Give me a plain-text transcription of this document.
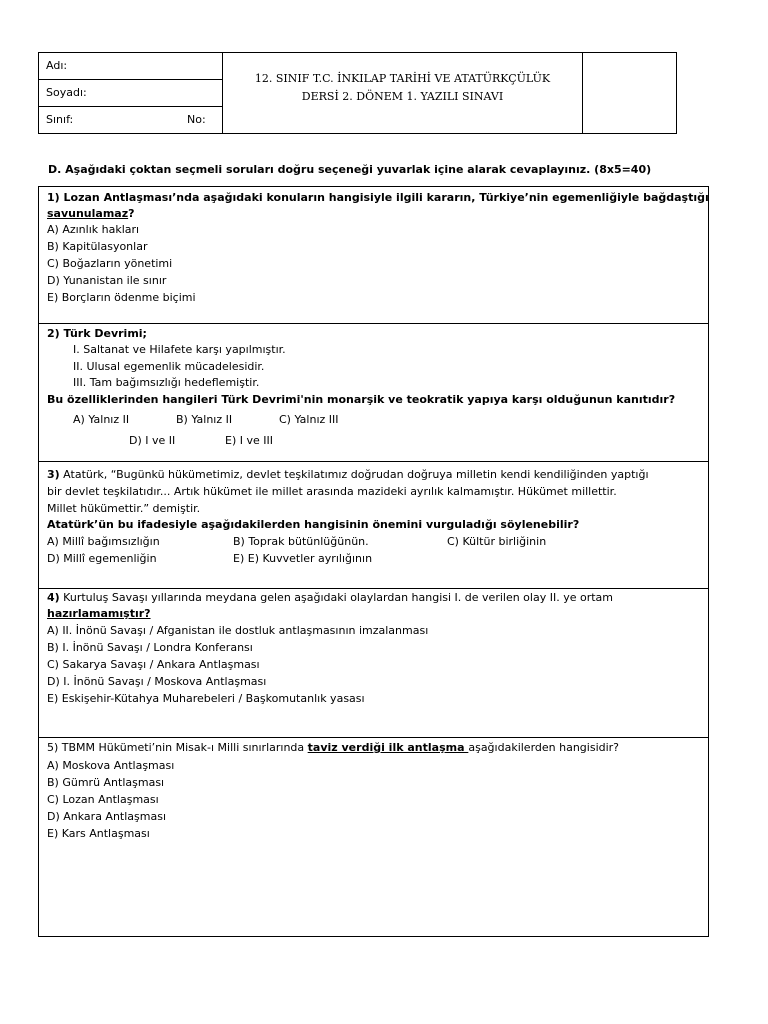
Adı:
Soyadı:
Sınıf:	No:
12. SINIF T.C. İNKILAP TARİHİ VE ATATÜRKÇÜLÜK
DERSİ 2. DÖNEM 1. YAZILI SINAVI
D. Aşağıdaki çoktan seçmeli soruları doğru seçeneği yuvarlak içine alarak cevaplayınız. (8x5=40)
1) Lozan Antlaşması’nda aşağıdaki konuların hangisiyle ilgili kararın, Türkiye’nin egemenliğiyle bağdaştığı
savunulamaz?
A) Azınlık hakları
B) Kapitülasyonlar
C) Boğazların yönetimi
D) Yunanistan ile sınır
E) Borçların ödenme biçimi
2) Türk Devrimi;
I. Saltanat ve Hilafete karşı yapılmıştır.
II. Ulusal egemenlik mücadelesidir.
III. Tam bağımsızlığı hedeflemiştir.
Bu özelliklerinden hangileri Türk Devrimi'nin monarşik ve teokratik yapıya karşı olduğunun kanıtıdır?
A) Yalnız II	B) Yalnız II	C) Yalnız III
D) I ve II	E) I ve III
3) Atatürk, “Bugünkü hükümetimiz, devlet teşkilatımız doğrudan doğruya milletin kendi kendiliğinden yaptığı
bir devlet teşkilatıdır... Artık hükümet ile millet arasında mazideki ayrılık kalmamıştır. Hükümet millettir.
Millet hükümettir.” demiştir.
Atatürk’ün bu ifadesiyle aşağıdakilerden hangisinin önemini vurguladığı söylenebilir?
A) Millî bağımsızlığın	B) Toprak bütünlüğünün.	C) Kültür birliğinin
D) Millî egemenliğin	E) E) Kuvvetler ayrılığının
4) Kurtuluş Savaşı yıllarında meydana gelen aşağıdaki olaylardan hangisi I. de verilen olay II. ye ortam
hazırlamamıştır?
A) II. İnönü Savaşı / Afganistan ile dostluk antlaşmasının imzalanması
B) I. İnönü Savaşı / Londra Konferansı
C) Sakarya Savaşı / Ankara Antlaşması
D) I. İnönü Savaşı / Moskova Antlaşması
E) Eskişehir-Kütahya Muharebeleri / Başkomutanlık yasası
5) TBMM Hükümeti’nin Misak-ı Milli sınırlarında taviz verdiği ilk antlaşma aşağıdakilerden hangisidir?
A) Moskova Antlaşması
B) Gümrü Antlaşması
C) Lozan Antlaşması
D) Ankara Antlaşması
E) Kars Antlaşması
